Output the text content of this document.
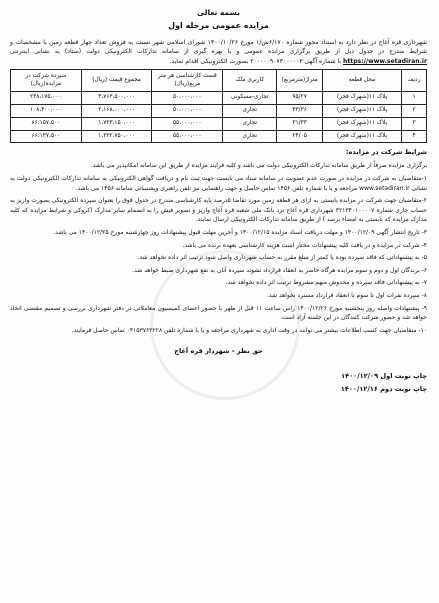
بسمه تعالی
مزایده عمومی مرحله اول
شهرداری قره آغاج در نظر دارد به استناد مجوز شماره ۶/۱۷۰ش/۱ مورخ ۱۴۰۰/۱۰/۲۶ شورای اسلامی شهر نسبت به فروش تعداد چهار قطعه زمین با مشخصات و شرایط مندرج در جدول ذیل از طریق برگزاری مزایده عمومی و با بهره گیری از سامانه تدارکات الکترونیکی دولت (ستاد) به نشانی اینترنتی https://www.setadiran.ir با شماره آگهی ۲۰۰۰۰۰۹۰۷۳۰۰۰۰۰۳ بصورت الکترونیکی اقدام نماید.
ردیف	محل قطعه	متراژ(مترمربع)	کاربری ملک	قیمت کارشناسی هر متر مربع(ریال)	مجموع قیمت (ریال)	سپرده شرکت در مزایده(ریال)
۱	پلاک ۱۱(شهرک فجر)	۹۵/۲۷	تجاری-مسکونی	۵۰،۰۰۰،۰۰۰	۴،۷۶۳،۵۰۰،۰۰۰	۲۳۸،۱۷۵،۰۰۰
۲	پلاک ۱۱(شهرک فجر)	۴۳/۳۶	تجاری	۵۰،۰۰۰،۰۰۰	۲،۱۶۸،۰۰۰،۰۰۰	۱۰۸،۴۰۰،۰۰۰
۳	پلاک ۱۱(شهرک فجر)	۳۱/۳۳	تجاری	۵۵،۰۰۰،۰۰۰	۱،۷۲۳،۱۵۰،۰۰۰	۸۶،۱۵۷،۵۰۰
۴	پلاک ۱۱(شهرک فجر)	۲۴/۰۵	تجاری	۵۵،۰۰۰،۰۰۰	۱،۳۲۲،۷۵۰،۰۰۰	۶۶،۱۳۷،۵۰۰
شرایط شرکت در مزایده:

برگزاری مزایده صرفاً از طریق سامانه تدارکات الکترونیکی دولت می باشد و کلیه فرایند مزایده از طریق این سامانه امکانپذیر می باشد.

۱-متقاضیان به شرکت در مزایده در صورت عدم عضویت در سامانه ستاد می بایست جهت ثبت نام و دریافت گواهی الکترونیکی به سامانه تدارکات الکترونیکی دولت به نشانی www.setadiran.ir مراجعه و یا با شماره تلفن ۱۴۵۶ تماس حاصل و جهت راهنمایی نیز تلفن راهبری وپشتیبانی سامانه ۱۴۵۶ می باشد.

۲-متقاضیان جهت شرکت در مزایده بایستی به ازای هر قطعه زمین مورد تقاضا ۵درصد پایه کارشناسی مندرج در جدول فوق را بعنوان سپرده الکترونیکی بصورت واریز به حساب جاری شماره ۳۲۱۳۴۰۱۰۰۰۰۷ شهرداری قره آغاج نزد بانک ملی شعبه قره آغاج واریز و تصویر فیش را به انضمام سایر مدارک (کروکی و شرایط مزایده که کلیه مدارک مزایده که بایستی به امضاء برسد ) از طریق سامانه تدارکات الکترونیکی ارسال نمایند.

۳- تاریخ انتشار آگهی ۱۴۰۰/۱۲/۰۹ و مهلت دریافت اسناد مزایده ۱۴۰۰/۱۲/۱۵ و آخرین مهلت قبول پیشنهادات روز چهارشنبه مورخ ۱۴۰۰/۱۲/۲۵ می باشد.

۴- شرکت در مزایده و در یافت کلیه پیشنهادات مختار است هزینه کارشناسی بعهده برنده می باشد.

۵- به پیشنهاداتی که فاقد سپرده بوده یا کمتر از مبلغ مقرر به حساب شهرداری واصل شود ترتیب اثر داده نخواهد شد.

۶- برندگان اول و دوم و سوم مزایده هرگاه حاضر به انعقاد قرارداد نشوند سپرده آنان به نفع شهرداری ضبط خواهد شد.

۷- به پیشنهاداتی فاقد سپرده و مخدوش مبهم مشروط ترتیب اثر داده نخواهد شد.

۸- سپرده نفرات اول تا سوم تا انعقاد قرارداد مسترد نخواهد شد.

۹- پیشنهادات واصله روز پنجشنبه مورخ ۱۴۰۰/۱۲/۲۶ راس ساعت ۱۱ قبل از ظهر با حضور اعضای کمیسیون معاملاتی در دفتر شهرداری بررسی و تصمیم مقتضی اتخاذ خواهد شد و حضور شرکت کنندگان در این جلسه آزاد است.

۱۰- متقاضیان جهت کسب اطلاعات بیشتر می توانند در وقت اداری به شهرداری مراجعه و یا با شماره تلفن ۰۴۱۵۳۷۶۲۲۲۸ تماس حاصل فرمایند.

حق نظر - شهردار قره آغاج
چاپ نوبت اول ۱۴۰۰/۱۲/۰۹
چاپ نوبت دوم ۱۴۰۰/۱۲/۱۶
